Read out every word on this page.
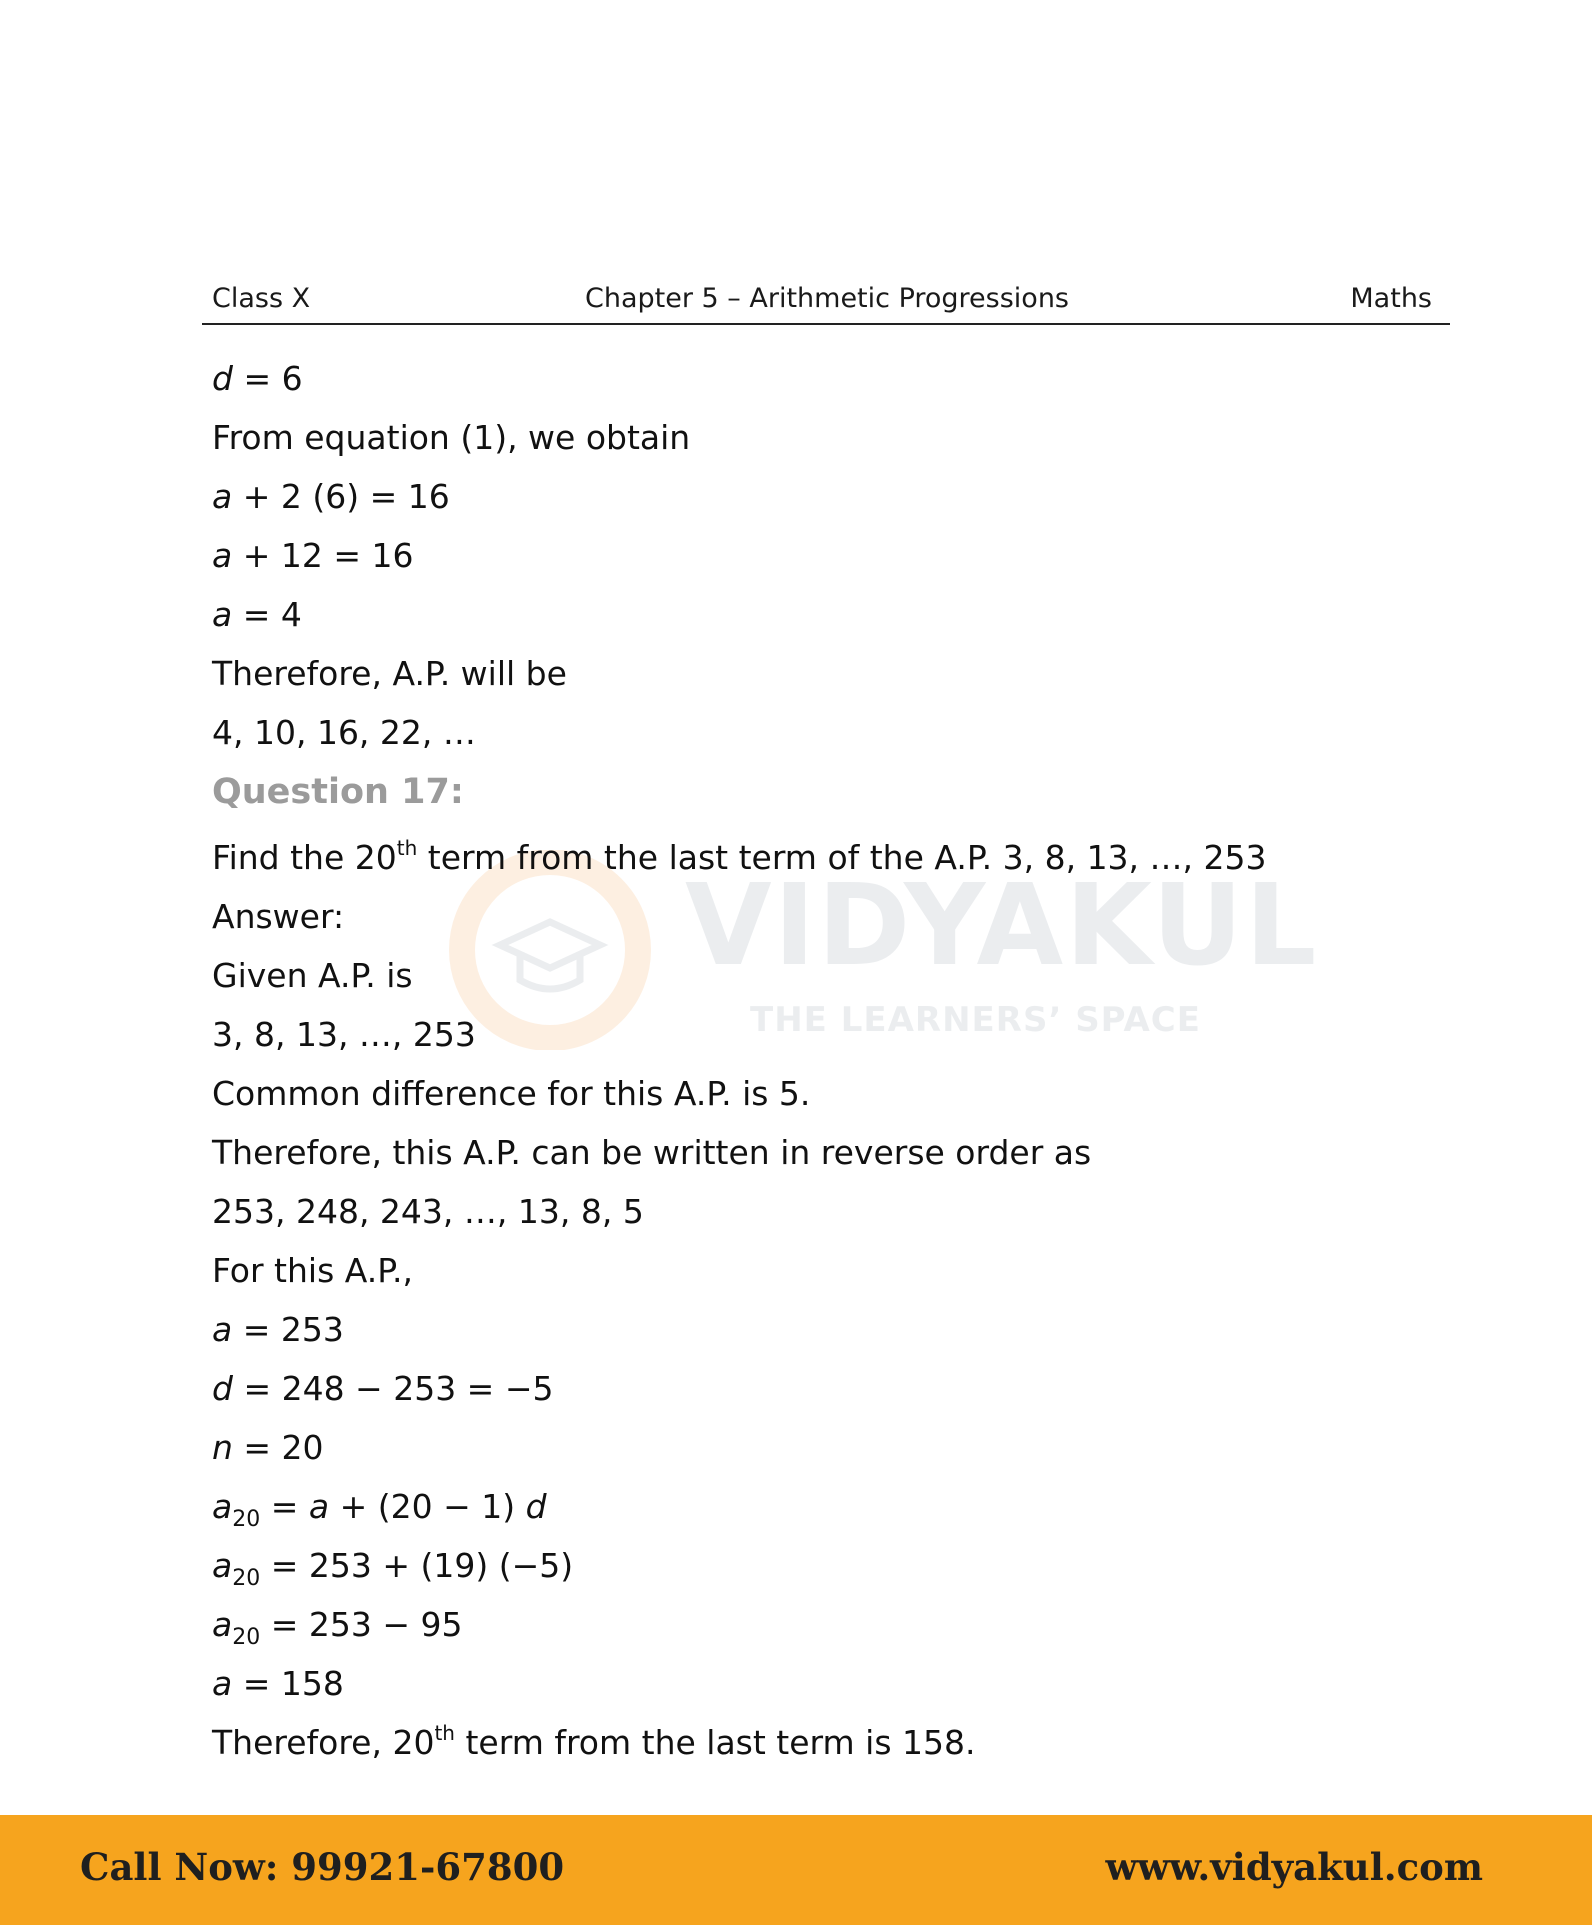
Class X	Chapter 5 – Arithmetic Progressions	Maths
VIDYAKUL
THE LEARNERS’ SPACE
d = 6
From equation (1), we obtain
a + 2 (6) = 16
a + 12 = 16
a = 4
Therefore, A.P. will be
4, 10, 16, 22, …
Question 17:
Find the 20th term from the last term of the A.P. 3, 8, 13, …, 253
Answer:
Given A.P. is
3, 8, 13, …, 253
Common difference for this A.P. is 5.
Therefore, this A.P. can be written in reverse order as
253, 248, 243, …, 13, 8, 5
For this A.P.,
a = 253
d = 248 − 253 = −5
n = 20
$a_{20} = a + (20 - 1)$ d
$a_{20} = 253 + (19)$ (−5)
$a_{20} = 253 - 95$
a = 158
Therefore, 20th term from the last term is 158.
Call Now: 99921-67800	www.vidyakul.com
